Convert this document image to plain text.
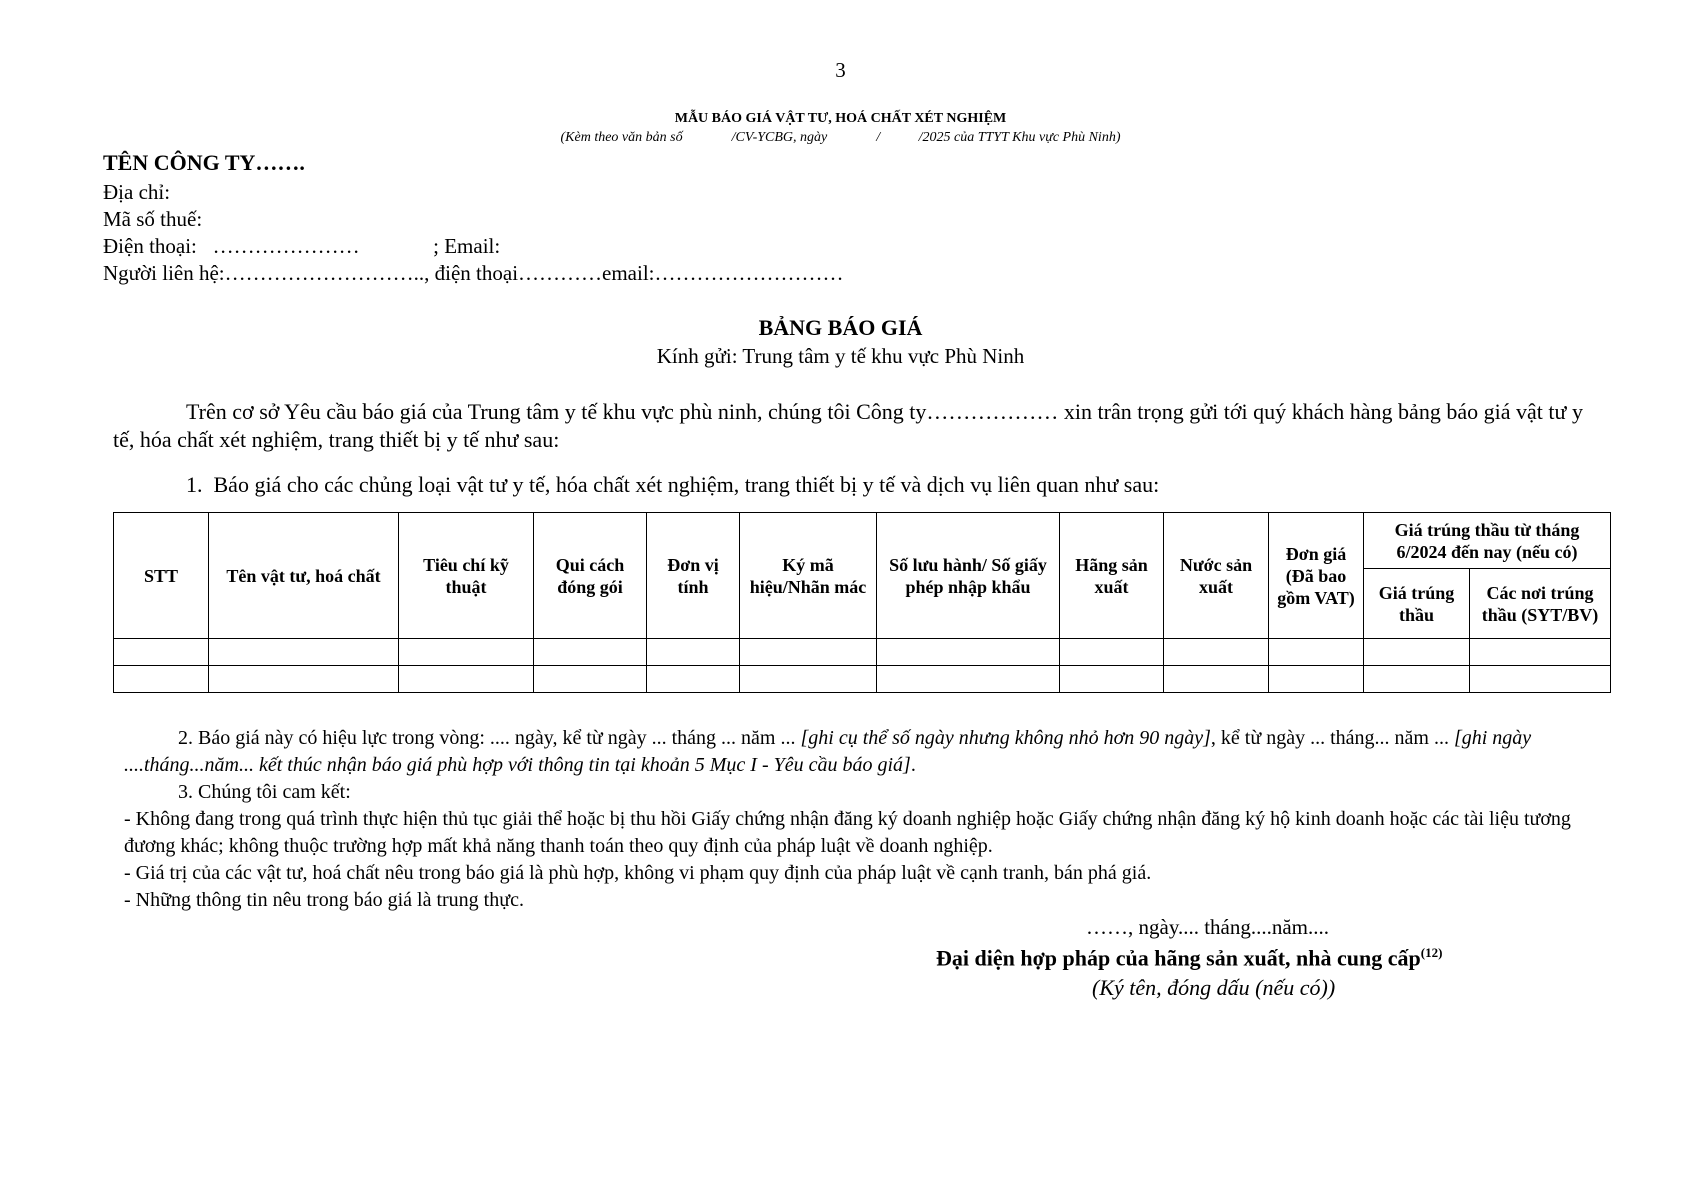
3
MẪU BÁO GIÁ VẬT TƯ, HOÁ CHẤT XÉT NGHIỆM
(Kèm theo văn bản số              /CV-YCBG, ngày              /           /2025 của TTYT Khu vực Phù Ninh)
TÊN CÔNG TY…….
Địa chỉ:
Mã số thuế:
Điện thoại:   …………………              ; Email:
Người liên hệ:……………………….., điện thoại…………email:………………………
BẢNG BÁO GIÁ
Kính gửi: Trung tâm y tế khu vực Phù Ninh
Trên cơ sở Yêu cầu báo giá của Trung tâm y tế khu vực phù ninh, chúng tôi Công ty……………… xin trân trọng gửi tới quý khách hàng bảng báo giá vật tư y tế, hóa chất xét nghiệm, trang thiết bị y tế như sau:
1.  Báo giá cho các chủng loại vật tư y tế, hóa chất xét nghiệm, trang thiết bị y tế và dịch vụ liên quan như sau:
STT	Tên vật tư, hoá chất	Tiêu chí kỹ thuật	Qui cách đóng gói	Đơn vị tính	Ký mã hiệu/Nhãn mác	Số lưu hành/ Số giấy phép nhập khẩu	Hãng sản xuất	Nước sản xuất	Đơn giá (Đã bao gồm VAT)	Giá trúng thầu từ tháng 6/2024 đến nay (nếu có)	
										Giá trúng thầu	Các nơi trúng thầu (SYT/BV)

2. Báo giá này có hiệu lực trong vòng: .... ngày, kể từ ngày ... tháng ... năm ... [ghi cụ thể số ngày nhưng không nhỏ hơn 90 ngày], kể từ ngày ... tháng... năm ... [ghi ngày ....tháng...năm... kết thúc nhận báo giá phù hợp với thông tin tại khoản 5 Mục I - Yêu cầu báo giá].
3. Chúng tôi cam kết:
- Không đang trong quá trình thực hiện thủ tục giải thể hoặc bị thu hồi Giấy chứng nhận đăng ký doanh nghiệp hoặc Giấy chứng nhận đăng ký hộ kinh doanh hoặc các tài liệu tương đương khác; không thuộc trường hợp mất khả năng thanh toán theo quy định của pháp luật về doanh nghiệp.
- Giá trị của các vật tư, hoá chất nêu trong báo giá là phù hợp, không vi phạm quy định của pháp luật về cạnh tranh, bán phá giá.
- Những thông tin nêu trong báo giá là trung thực.
……, ngày.... tháng....năm....
Đại diện hợp pháp của hãng sản xuất, nhà cung cấp$^{(12)}$
(Ký tên, đóng dấu (nếu có))
